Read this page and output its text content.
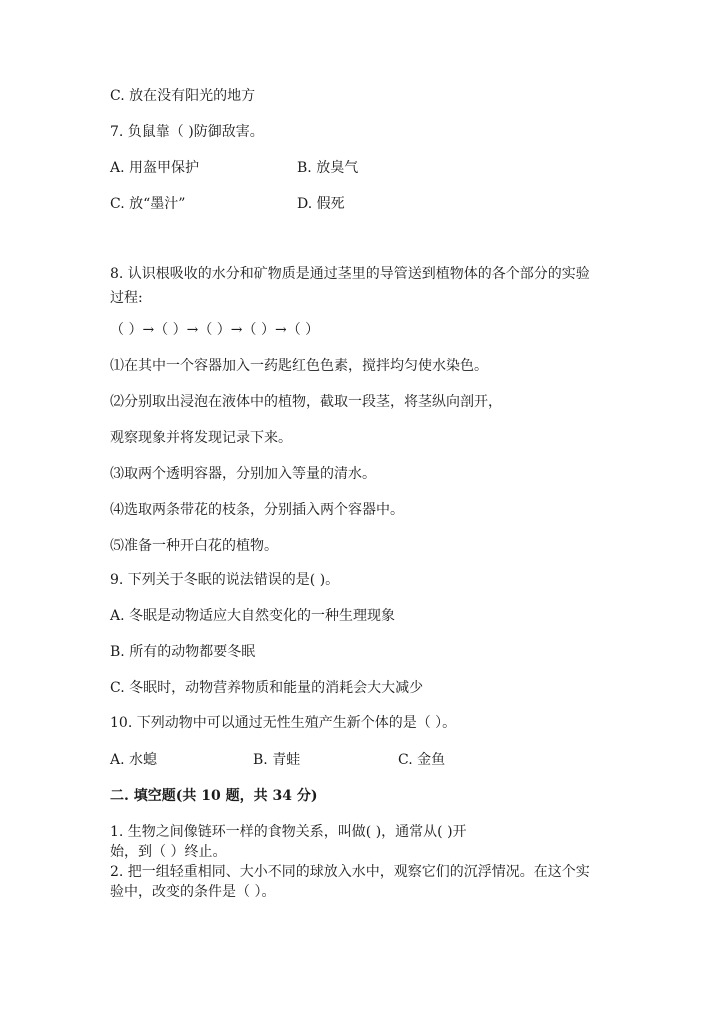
C. 放在没有阳光的地方
7. 负鼠靠（ )防御敌害。
A. 用盔甲保护	B. 放臭气
C. 放“墨汁”	D. 假死
8. 认识根吸收的水分和矿物质是通过茎里的导管送到植物体的各个部分的实验
过程:
（ ）→（ ）→（ ）→（ ）→（ ）
⑴在其中一个容器加入一药匙红色色素，搅拌均匀使水染色。
⑵分别取出浸泡在液体中的植物，截取一段茎，将茎纵向剖开，
观察现象并将发现记录下来。
⑶取两个透明容器，分别加入等量的清水。
⑷选取两条带花的枝条，分别插入两个容器中。
⑸准备一种开白花的植物。
9. 下列关于冬眠的说法错误的是( )。
A. 冬眠是动物适应大自然变化的一种生理现象
B. 所有的动物都要冬眠
C. 冬眠时，动物营养物质和能量的消耗会大大减少
10. 下列动物中可以通过无性生殖产生新个体的是（ ）。
A. 水螅	B. 青蛙	C. 金鱼
二. 填空题(共 10 题，共 34 分)
1. 生物之间像链环一样的食物关系，叫做( )，通常从( )开
始，到（ ）终止。
2. 把一组轻重相同、大小不同的球放入水中，观察它们的沉浮情况。在这个实
验中，改变的条件是（ ）。
